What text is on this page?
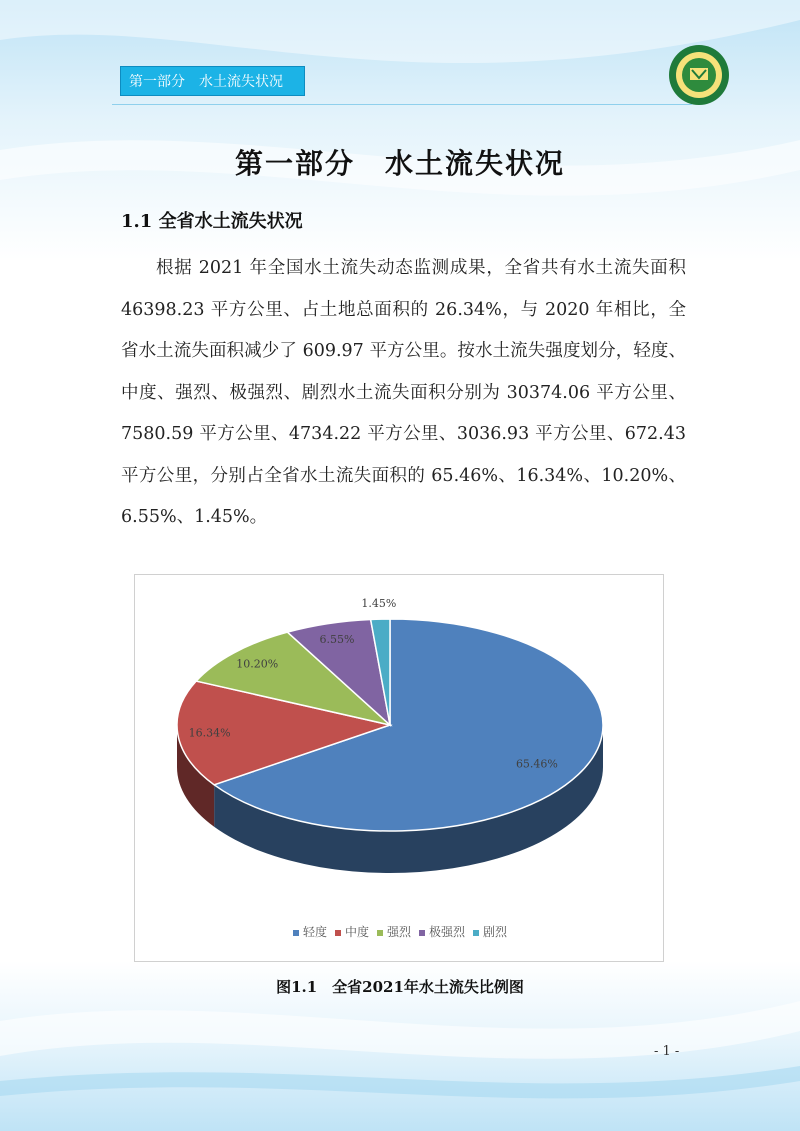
第一部分　水土流失状况
第一部分　水土流失状况
1.1 全省水土流失状况
根据 2021 年全国水土流失动态监测成果，全省共有水土流失面积 46398.23 平方公里、占土地总面积的 26.34%，与 2020 年相比，全省水土流失面积减少了 609.97 平方公里。按水土流失强度划分，轻度、中度、强烈、极强烈、剧烈水土流失面积分别为 30374.06 平方公里、7580.59 平方公里、4734.22 平方公里、3036.93 平方公里、672.43 平方公里，分别占全省水土流失面积的 65.46%、16.34%、10.20%、6.55%、1.45%。
65.46%
16.34%
10.20%
6.55%
1.45%
轻度 中度 强烈 极强烈 剧烈
图1.1　全省2021年水土流失比例图
- 1 -
